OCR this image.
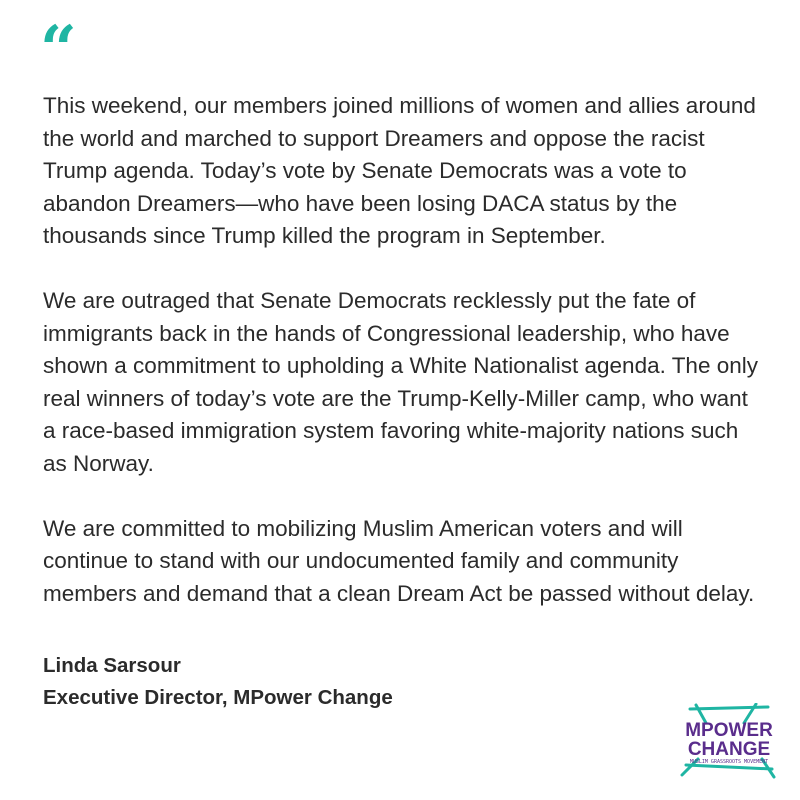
“

This weekend, our members joined millions of women and allies around the world and marched to support Dreamers and oppose the racist Trump agenda. Today’s vote by Senate Democrats was a vote to abandon Dreamers—who have been losing DACA status by the thousands since Trump killed the program in September.

We are outraged that Senate Democrats recklessly put the fate of immigrants back in the hands of Congressional leadership, who have shown a commitment to upholding a White Nationalist agenda. The only real winners of today’s vote are the Trump-Kelly-Miller camp, who want a race-based immigration system favoring white-majority nations such as Norway.

We are committed to mobilizing Muslim American voters and will continue to stand with our undocumented family and community members and demand that a clean Dream Act be passed without delay.

Linda Sarsour
Executive Director, MPower Change
MPOWER
CHANGE
MUSLIM GRASSROOTS MOVEMENT
